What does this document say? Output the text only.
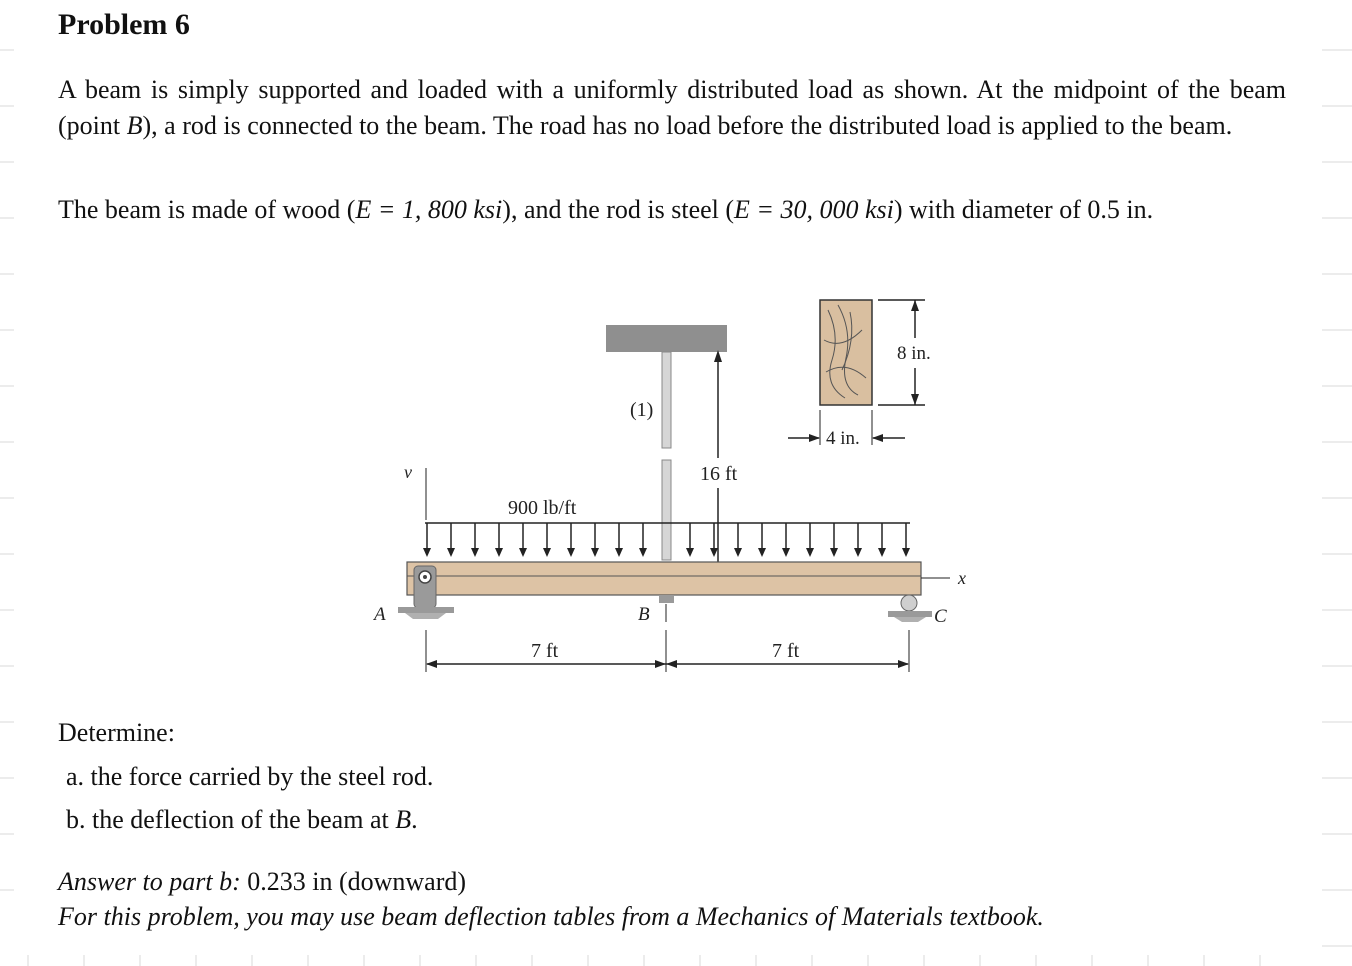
Problem 6
A beam is simply supported and loaded with a uniformly distributed load as shown. At the midpoint of the beam (point B), a rod is connected to the beam. The road has no load before the distributed load is applied to the beam.
The beam is made of wood (E = 1, 800 ksi), and the rod is steel (E = 30, 000 ksi) with diameter of 0.5 in.
(1)
16 ft
8 in.
4 in.
900 lb/ft
v
x
A	C
B
7 ft	7 ft
Determine:
a. the force carried by the steel rod.
b. the deflection of the beam at B.
Answer to part b: 0.233 in (downward)
For this problem, you may use beam deflection tables from a Mechanics of Materials textbook.
